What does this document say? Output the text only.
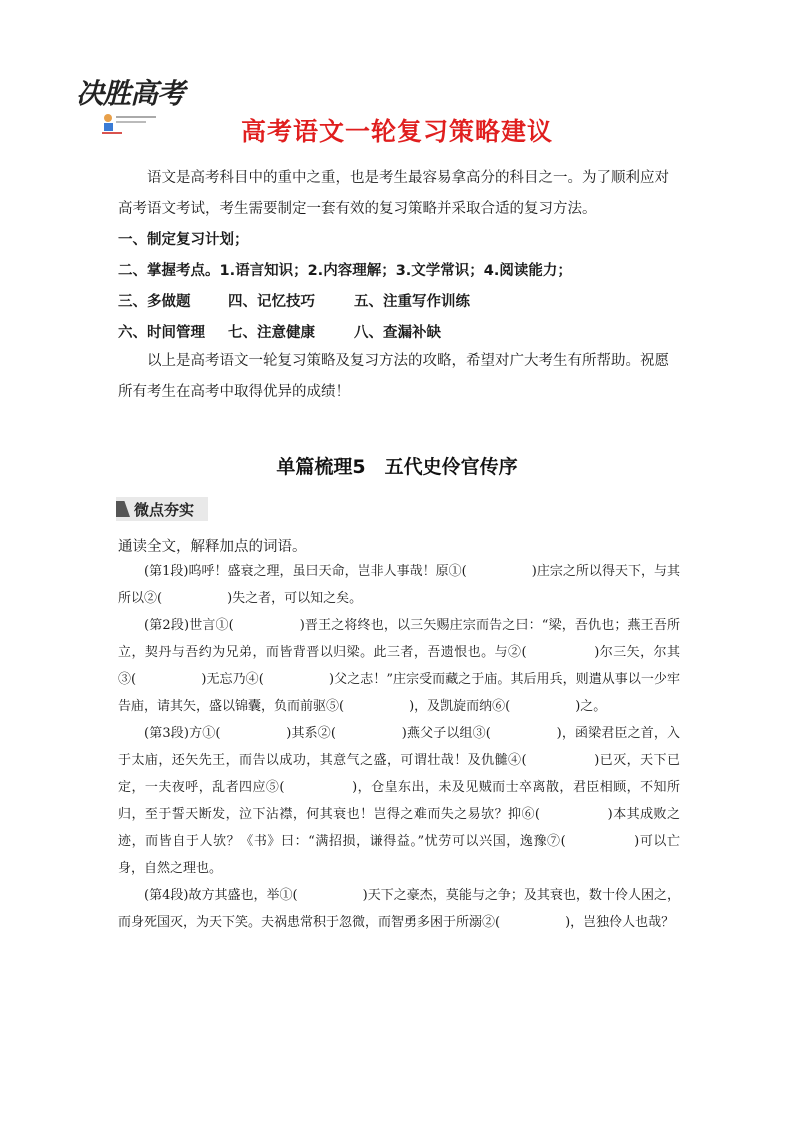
决胜高考
高考语文一轮复习策略建议
语文是高考科目中的重中之重，也是考生最容易拿高分的科目之一。为了顺利应对高考语文考试，考生需要制定一套有效的复习策略并采取合适的复习方法。
一、制定复习计划；
二、掌握考点。1.语言知识；2.内容理解；3.文学常识；4.阅读能力；
三、多做题	四、记忆技巧	五、注重写作训练
六、时间管理 七、注意健康	八、查漏补缺
以上是高考语文一轮复习策略及复习方法的攻略，希望对广大考生有所帮助。祝愿所有考生在高考中取得优异的成绩！
单篇梳理5　五代史伶官传序
微点夯实
通读全文，解释加点的词语。

(第1段)呜呼！盛衰之理，虽曰天命，岂非人事哉！原①(　　　　　)庄宗之所以得天下，与其所以②(　　　　　)失之者，可以知之矣。

(第2段)世言①(　　　　　)晋王之将终也，以三矢赐庄宗而告之曰：“梁，吾仇也；燕王吾所立，契丹与吾约为兄弟，而皆背晋以归梁。此三者，吾遗恨也。与②(　　　　　)尔三矢，尔其③(　　　　　)无忘乃④(　　　　　)父之志！”庄宗受而藏之于庙。其后用兵，则遣从事以一少牢告庙，请其矢，盛以锦囊，负而前驱⑤(　　　　　)，及凯旋而纳⑥(　　　　　)之。

(第3段)方①(　　　　　)其系②(　　　　　)燕父子以组③(　　　　　)，函梁君臣之首，入于太庙，还矢先王，而告以成功，其意气之盛，可谓壮哉！及仇雠④(　　　　　)已灭，天下已定，一夫夜呼，乱者四应⑤(　　　　　)，仓皇东出，未及见贼而士卒离散，君臣相顾，不知所归，至于誓天断发，泣下沾襟，何其衰也！岂得之难而失之易欤？抑⑥(　　　　　)本其成败之迹，而皆自于人欤？《书》曰：“满招损，谦得益。”忧劳可以兴国，逸豫⑦(　　　　　)可以亡身，自然之理也。

(第4段)故方其盛也，举①(　　　　　)天下之豪杰，莫能与之争；及其衰也，数十伶人困之，而身死国灭，为天下笑。夫祸患常积于忽微，而智勇多困于所溺②(　　　　　)，岂独伶人也哉？
